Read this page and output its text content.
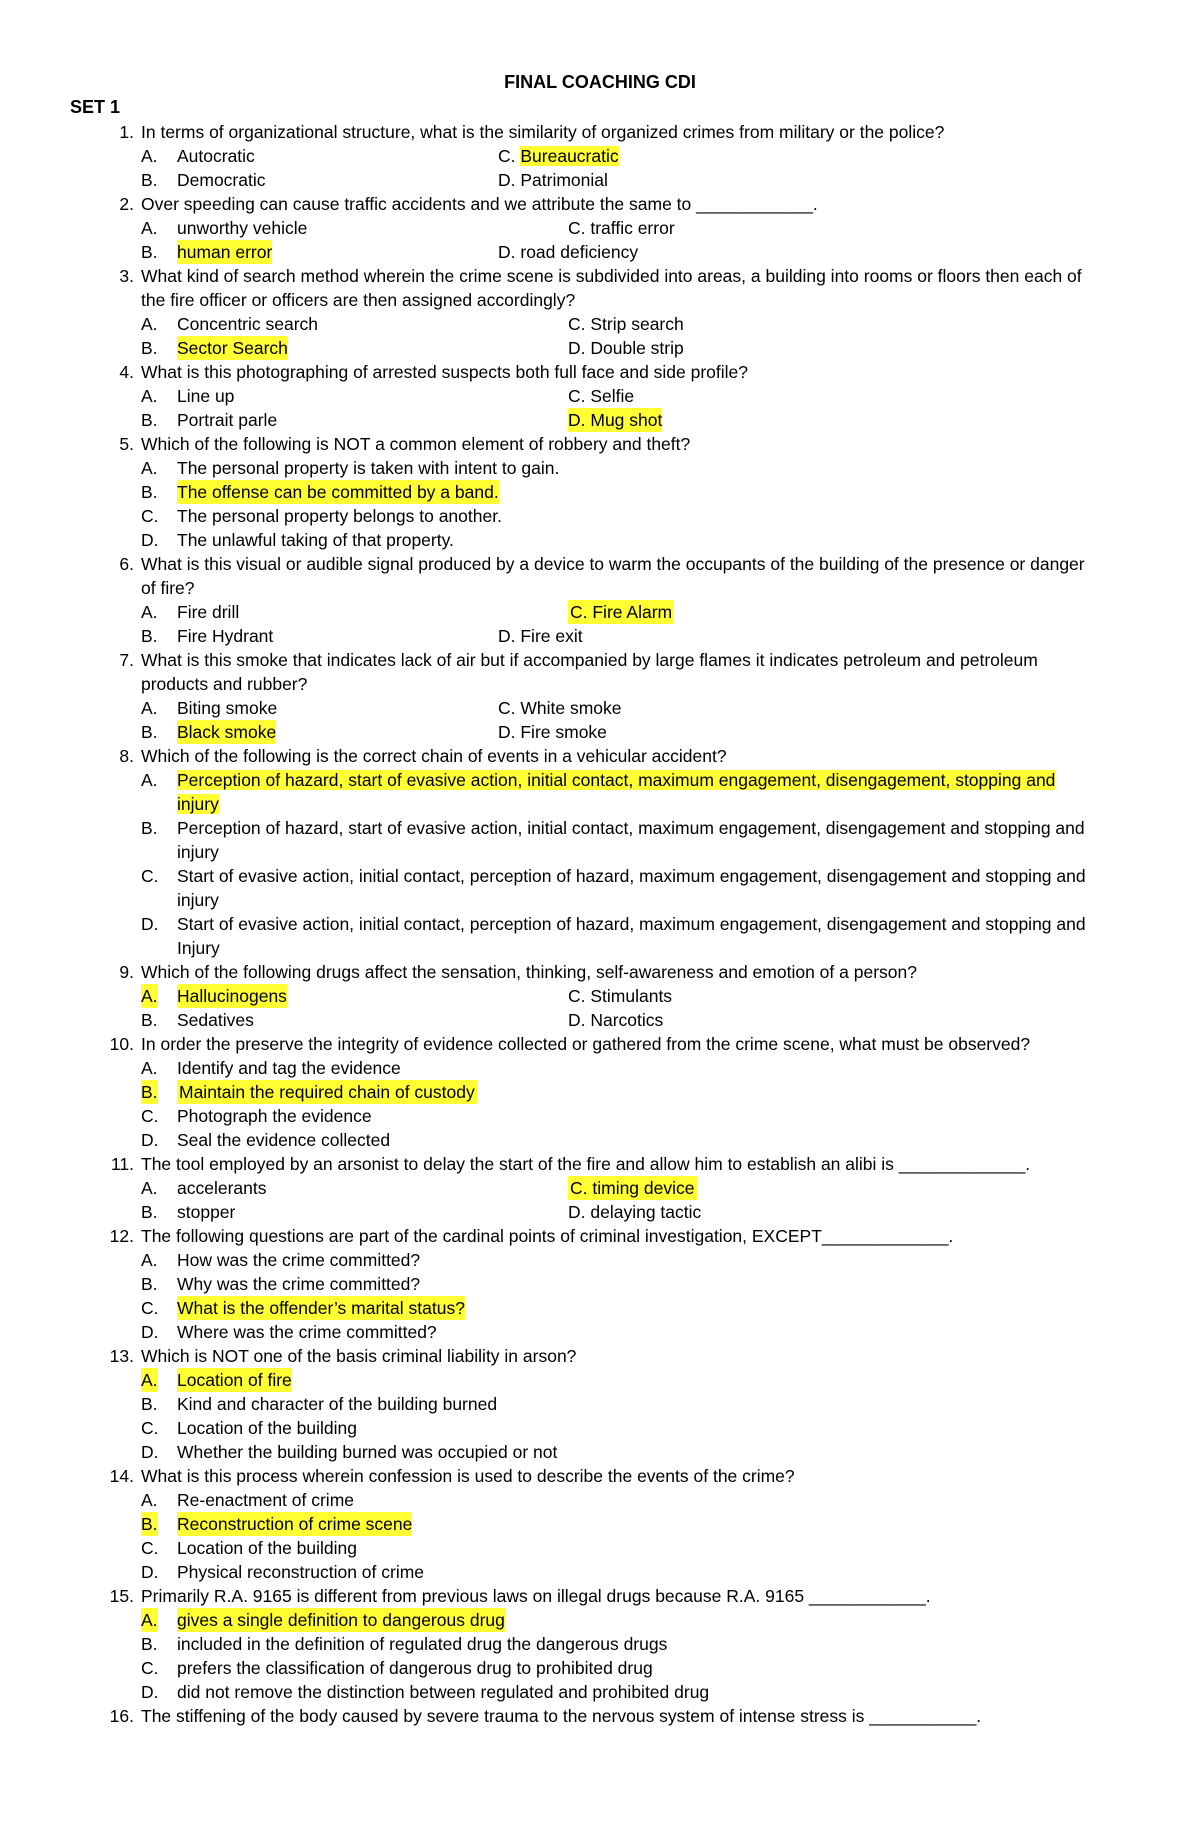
FINAL COACHING CDI
SET 1
1. In terms of organizational structure, what is the similarity of organized crimes from military or the police?
A. Autocratic	C. Bureaucratic
B. Democratic	D. Patrimonial
2. Over speeding can cause traffic accidents and we attribute the same to ____________.
A. unworthy vehicle	C. traffic error
B. human error	D. road deficiency
3. What kind of search method wherein the crime scene is subdivided into areas, a building into rooms or floors then each of the fire officer or officers are then assigned accordingly?
A. Concentric search	C. Strip search
B. Sector Search	D. Double strip
4. What is this photographing of arrested suspects both full face and side profile?
A. Line up	C. Selfie
B. Portrait parle	D. Mug shot
5. Which of the following is NOT a common element of robbery and theft?
A. The personal property is taken with intent to gain.
B. The offense can be committed by a band.
C. The personal property belongs to another.
D. The unlawful taking of that property.
6. What is this visual or audible signal produced by a device to warm the occupants of the building of the presence or danger of fire?
A. Fire drill	C. Fire Alarm
B. Fire Hydrant	D. Fire exit
7. What is this smoke that indicates lack of air but if accompanied by large flames it indicates petroleum and petroleum products and rubber?
A. Biting smoke	C. White smoke
B. Black smoke	D. Fire smoke
8. Which of the following is the correct chain of events in a vehicular accident?
A. Perception of hazard, start of evasive action, initial contact, maximum engagement, disengagement, stopping and injury
B. Perception of hazard, start of evasive action, initial contact, maximum engagement, disengagement and stopping and injury
C. Start of evasive action, initial contact, perception of hazard, maximum engagement, disengagement and stopping and injury
D. Start of evasive action, initial contact, perception of hazard, maximum engagement, disengagement and stopping and Injury
9. Which of the following drugs affect the sensation, thinking, self-awareness and emotion of a person?
A. Hallucinogens	C. Stimulants
B. Sedatives	D. Narcotics
10. In order the preserve the integrity of evidence collected or gathered from the crime scene, what must be observed?
A. Identify and tag the evidence
B. Maintain the required chain of custody
C. Photograph the evidence
D. Seal the evidence collected
11. The tool employed by an arsonist to delay the start of the fire and allow him to establish an alibi is _____________.
A. accelerants	C. timing device
B. stopper	D. delaying tactic
12. The following questions are part of the cardinal points of criminal investigation, EXCEPT_____________.
A. How was the crime committed?
B. Why was the crime committed?
C. What is the offender’s marital status?
D. Where was the crime committed?
13. Which is NOT one of the basis criminal liability in arson?
A. Location of fire
B. Kind and character of the building burned
C. Location of the building
D. Whether the building burned was occupied or not
14. What is this process wherein confession is used to describe the events of the crime?
A. Re-enactment of crime
B. Reconstruction of crime scene
C. Location of the building
D. Physical reconstruction of crime
15. Primarily R.A. 9165 is different from previous laws on illegal drugs because R.A. 9165 ____________.
A. gives a single definition to dangerous drug
B. included in the definition of regulated drug the dangerous drugs
C. prefers the classification of dangerous drug to prohibited drug
D. did not remove the distinction between regulated and prohibited drug
16. The stiffening of the body caused by severe trauma to the nervous system of intense stress is ___________.
